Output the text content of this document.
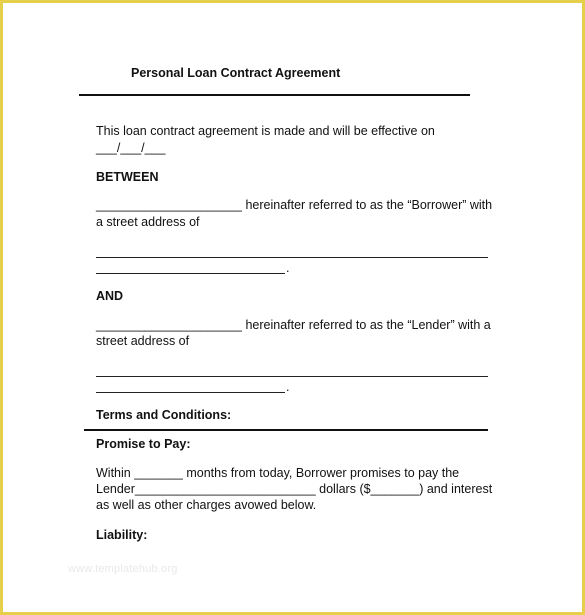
Personal Loan Contract Agreement
This loan contract agreement is made and will be effective on
___/___/___
BETWEEN
_____________________ hereinafter referred to as the “Borrower” with
a street address of
.
AND
_____________________ hereinafter referred to as the “Lender” with a
street address of
.
Terms and Conditions:
Promise to Pay:
Within _______ months from today, Borrower promises to pay the
Lender__________________________ dollars ($_______) and interest
as well as other charges avowed below.
Liability:
www.templatehub.org
